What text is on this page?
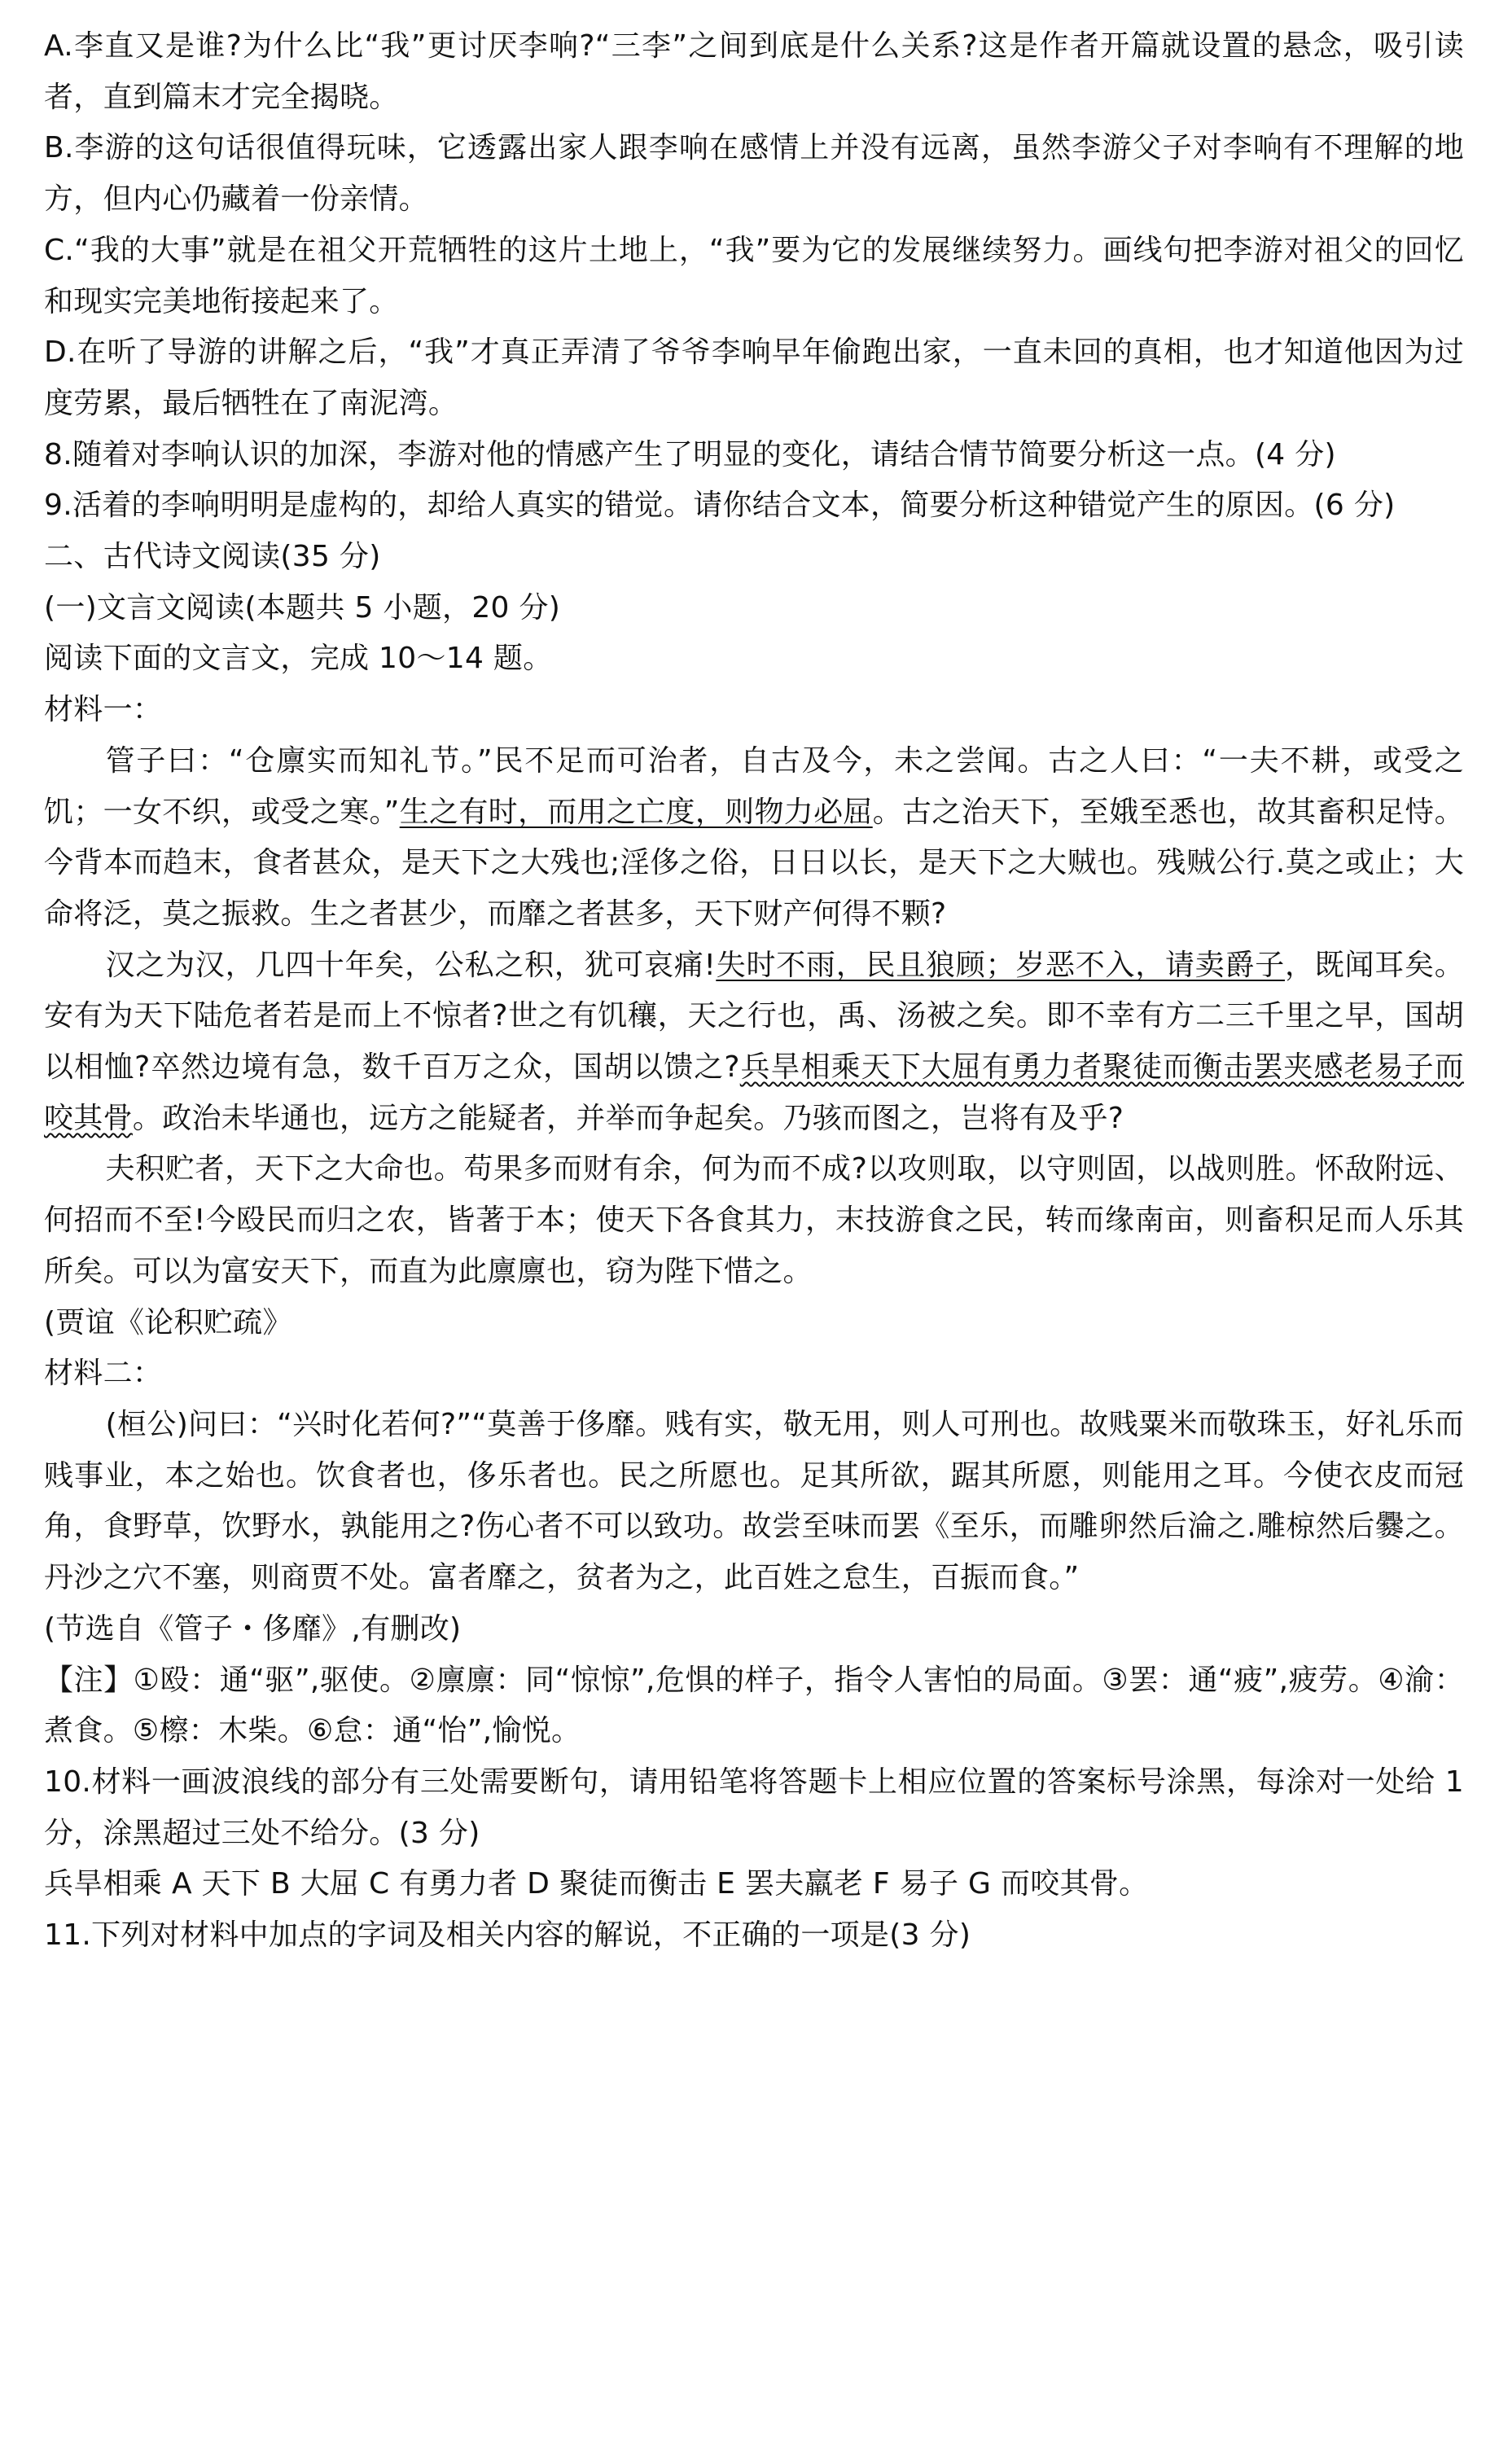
A.李直又是谁?为什么比“我”更讨厌李响?“三李”之间到底是什么关系?这是作者开篇就设置的悬念，吸引读者，直到篇末才完全揭晓。

B.李游的这句话很值得玩味，它透露出家人跟李响在感情上并没有远离，虽然李游父子对李响有不理解的地方，但内心仍藏着一份亲情。

C.“我的大事”就是在祖父开荒牺牲的这片土地上，“我”要为它的发展继续努力。画线句把李游对祖父的回忆和现实完美地衔接起来了。

D.在听了导游的讲解之后，“我”才真正弄清了爷爷李响早年偷跑出家，一直未回的真相，也才知道他因为过度劳累，最后牺牲在了南泥湾。

8.随着对李响认识的加深，李游对他的情感产生了明显的变化，请结合情节简要分析这一点。(4 分)

9.活着的李响明明是虚构的，却给人真实的错觉。请你结合文本，简要分析这种错觉产生的原因。(6 分)

二、古代诗文阅读(35 分)

(一)文言文阅读(本题共 5 小题，20 分)

阅读下面的文言文，完成 10～14 题。

材料一：

管子曰：“仓廪实而知礼节。”民不足而可治者，自古及今，未之尝闻。古之人曰：“一夫不耕，或受之饥；一女不织，或受之寒。”生之有时，而用之亡度，则物力必屈。古之治天下，至娥至悉也，故其畜积足恃。今背本而趋末，食者甚众，是天下之大残也;淫侈之俗，日日以长，是天下之大贼也。残贼公行.莫之或止；大命将泛，莫之振救。生之者甚少，而靡之者甚多，天下财产何得不颗?

汉之为汉，几四十年矣，公私之积，犹可哀痛!失时不雨，民且狼顾；岁恶不入，请卖爵子，既闻耳矣。安有为天下陆危者若是而上不惊者?世之有饥穰，天之行也，禹、汤被之矣。即不幸有方二三千里之早，国胡以相恤?卒然边境有急，数千百万之众，国胡以馈之?兵旱相乘天下大屈有勇力者聚徒而衡击罢夹感老易子而咬其骨。政治未毕通也，远方之能疑者，并举而争起矣。乃骇而图之，岂将有及乎?

夫积贮者，天下之大命也。苟果多而财有余，何为而不成?以攻则取，以守则固，以战则胜。怀敌附远、何招而不至!今殴民而归之农，皆著于本；使天下各食其力，末技游食之民，转而缘南亩，则畜积足而人乐其所矣。可以为富安天下，而直为此廪廪也，窃为陛下惜之。

(贾谊《论积贮疏》

材料二：

(桓公)问曰：“兴时化若何?”“莫善于侈靡。贱有实，敬无用，则人可刑也。故贱粟米而敬珠玉，好礼乐而贱事业，本之始也。饮食者也，侈乐者也。民之所愿也。足其所欲，踞其所愿，则能用之耳。今使衣皮而冠角，食野草，饮野水，孰能用之?伤心者不可以致功。故尝至味而罢《至乐，而雕卵然后淪之.雕椋然后爨之。丹沙之穴不塞，则商贾不处。富者靡之，贫者为之，此百姓之怠生，百振而食。”

(节选自《管子・侈靡》,有删改)

【注】①殴：通“驱”,驱使。②廪廪：同“惊惊”,危惧的样子，指令人害怕的局面。③罢：通“疲”,疲劳。④渝：煮食。⑤檫：木柴。⑥怠：通“怡”,愉悦。

10.材料一画波浪线的部分有三处需要断句，请用铅笔将答题卡上相应位置的答案标号涂黑，每涂对一处给 1 分，涂黑超过三处不给分。(3 分)

兵旱相乘 A 天下 B 大屈 C 有勇力者 D 聚徒而衡击 E 罢夫羸老 F 易子 G 而咬其骨。

11.下列对材料中加点的字词及相关内容的解说，不正确的一项是(3 分)
